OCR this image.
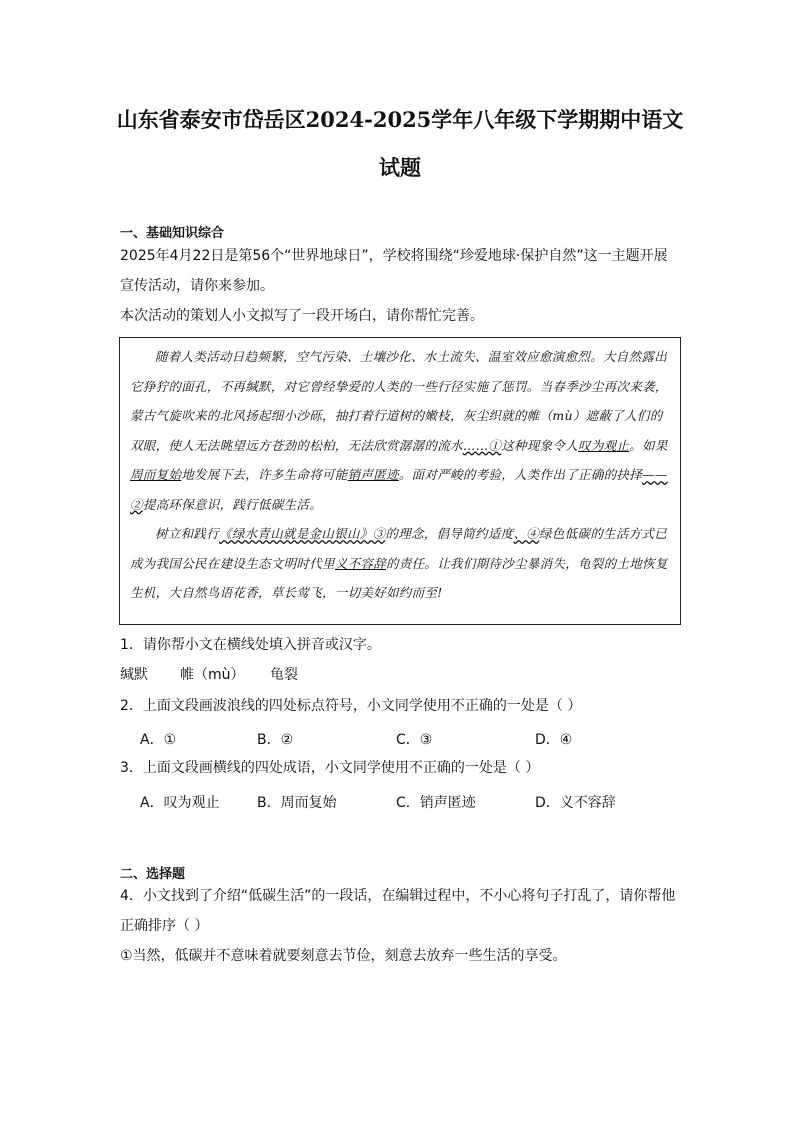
山东省泰安市岱岳区2024-2025学年八年级下学期期中语文试题
一、基础知识综合
2025年4月22日是第56个“世界地球日”，学校将围绕“珍爱地球·保护自然”这一主题开展
宣传活动，请你来参加。
本次活动的策划人小文拟写了一段开场白，请你帮忙完善。
随着人类活动日趋频繁，空气污染、土壤沙化、水土流失、温室效应愈演愈烈。大自然露出它狰狞的面孔，不再缄默，对它曾经挚爱的人类的一些行径实施了惩罚。当春季沙尘再次来袭，蒙古气旋吹来的北风扬起细小沙砾，抽打着行道树的嫩枝，灰尘织就的帷（mù）遮蔽了人们的双眼，使人无法眺望远方苍劲的松柏，无法欣赏潺潺的流水……①这种现象令人叹为观止。如果周而复始地发展下去，许多生命将可能销声匿迹。面对严峻的考验，人类作出了正确的抉择——②提高环保意识，践行低碳生活。
树立和践行《绿水青山就是金山银山》③的理念，倡导简约适度、④绿色低碳的生活方式已成为我国公民在建设生态文明时代里义不容辞的责任。让我们期待沙尘暴消失，龟裂的土地恢复生机，大自然鸟语花香，草长莺飞，一切美好如约而至!
1．请你帮小文在横线处填入拼音或汉字。
缄默 帷（mù） 龟裂
2．上面文段画波浪线的四处标点符号，小文同学使用不正确的一处是（ ）
A．①	B．②	C．③	D．④
3．上面文段画横线的四处成语，小文同学使用不正确的一处是（ ）
A．叹为观止	B．周而复始	C．销声匿迹	D．义不容辞
二、选择题
4．小文找到了介绍“低碳生活”的一段话，在编辑过程中，不小心将句子打乱了，请你帮他
正确排序（ ）
①当然，低碳并不意味着就要刻意去节俭，刻意去放弃一些生活的享受。
